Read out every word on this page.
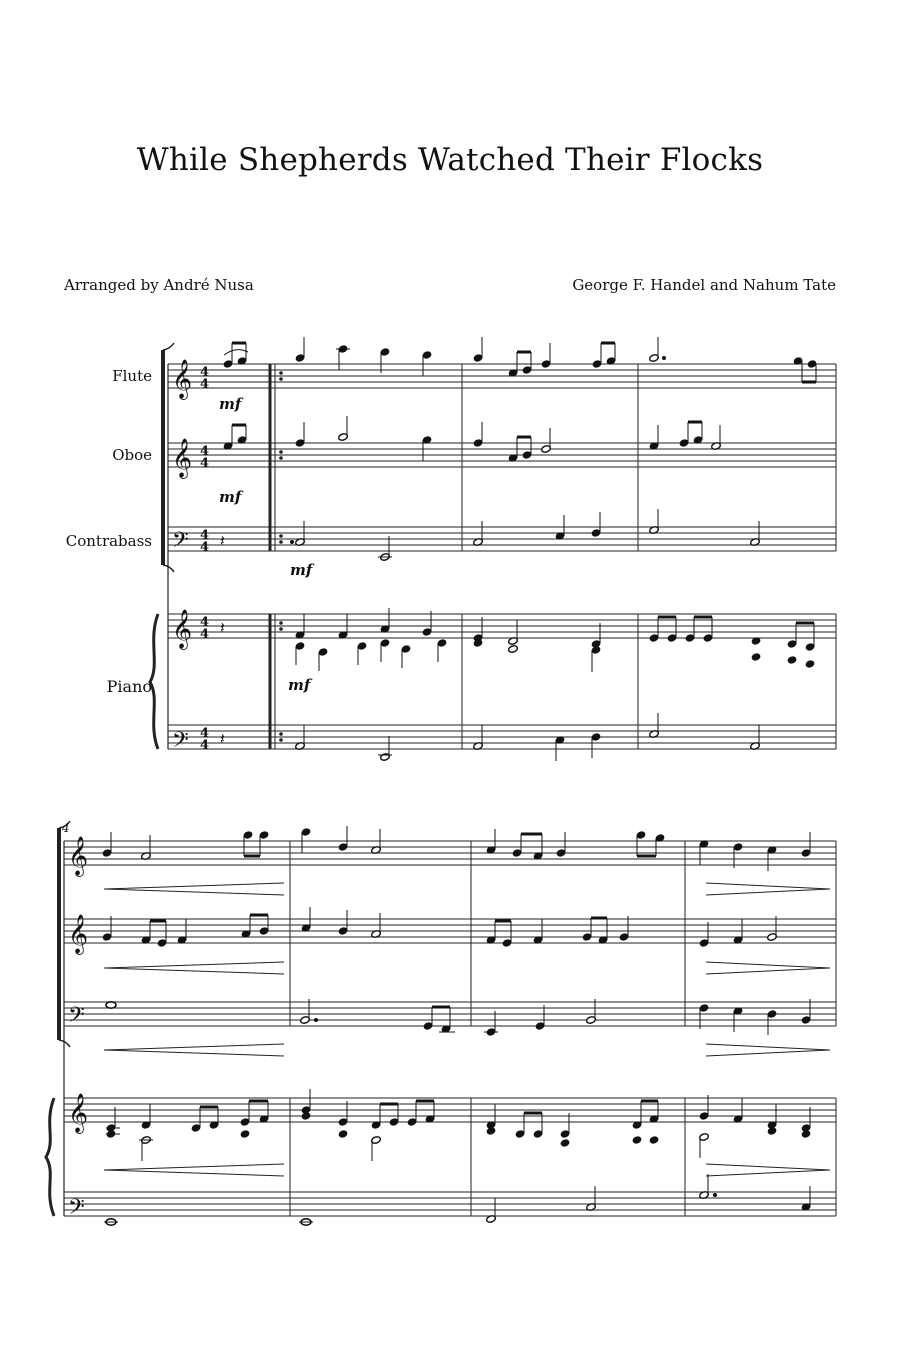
While Shepherds Watched Their Flocks
Arranged by André Nusa	George F. Handel and Nahum Tate
Flute
Oboe
Contrabass
Piano
𝄞
𝄞
𝄢
𝄞
𝄢
4
4
4
4
4
4
4
4
4
4
mf
mf
mf
mf
𝄽
𝄽
𝄽
4
𝄞
𝄞
𝄢
𝄞
𝄢
